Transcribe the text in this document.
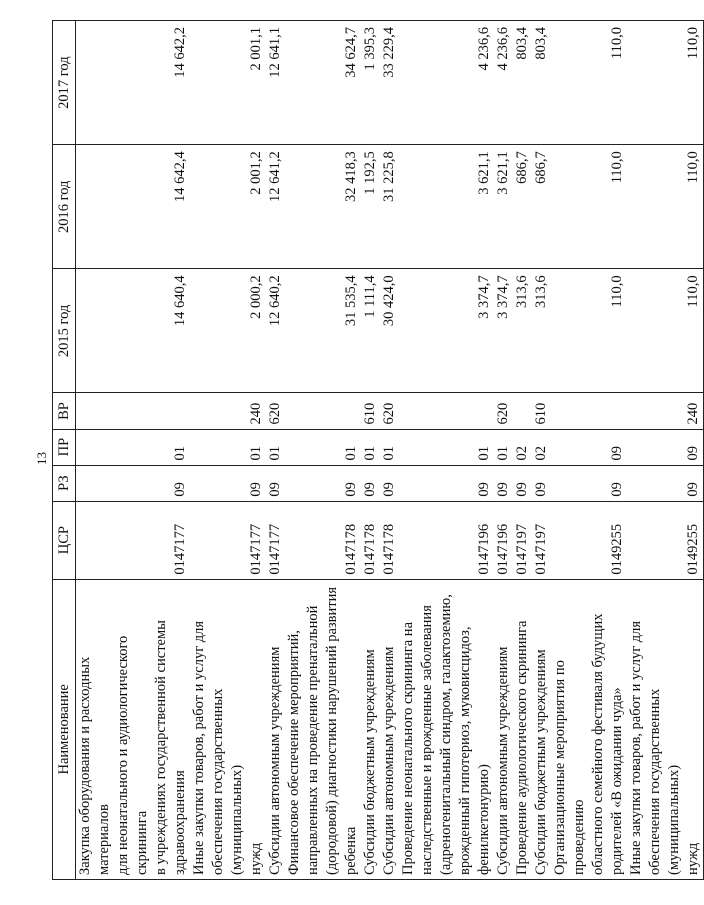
13
Наименование	ЦСР	РЗ	ПР	ВР	2015 год	2016 год	2017 год

Закупка оборудования и расходных материалов для неонатального и аудиологического скрининга в учреждениях государственной системы здравоохранения	0147177	09	01		14 640,4	14 642,4	14 642,2

Иные закупки товаров, работ и услуг для обеспечения государственных (муниципальных) нужд	0147177	09	01	240	2 000,2	2 001,2	2 001,1

Субсидии автономным учреждениям	0147177	09	01	620	12 640,2	12 641,2	12 641,1

Финансовое обеспечение мероприятий, направленных на проведение пренатальной (дородовой) диагностики нарушений развития ребенка	0147178	09	01		31 535,4	32 418,3	34 624,7

Субсидии бюджетным учреждениям	0147178	09	01	610	1 111,4	1 192,5	1 395,3

Субсидии автономным учреждениям	0147178	09	01	620	30 424,0	31 225,8	33 229,4

Проведение неонатального скрининга на наследственные и врожденные заболевания (адреногенитальный синдром, галактоземию, врожденный гипотериоз, муковисцидоз, фенилкетонурию)	0147196	09	01		3 374,7	3 621,1	4 236,6

Субсидии автономным учреждениям	0147196	09	01	620	3 374,7	3 621,1	4 236,6

Проведение аудиологического скрининга	0147197	09	02		313,6	686,7	803,4

Субсидии бюджетным учреждениям	0147197	09	02	610	313,6	686,7	803,4

Организационные мероприятия по проведению областного семейного фестиваля будущих родителей «В ожидании чуда»	0149255	09	09		110,0	110,0	110,0

Иные закупки товаров, работ и услуг для обеспечения государственных (муниципальных) нужд	0149255	09	09	240	110,0	110,0	110,0
